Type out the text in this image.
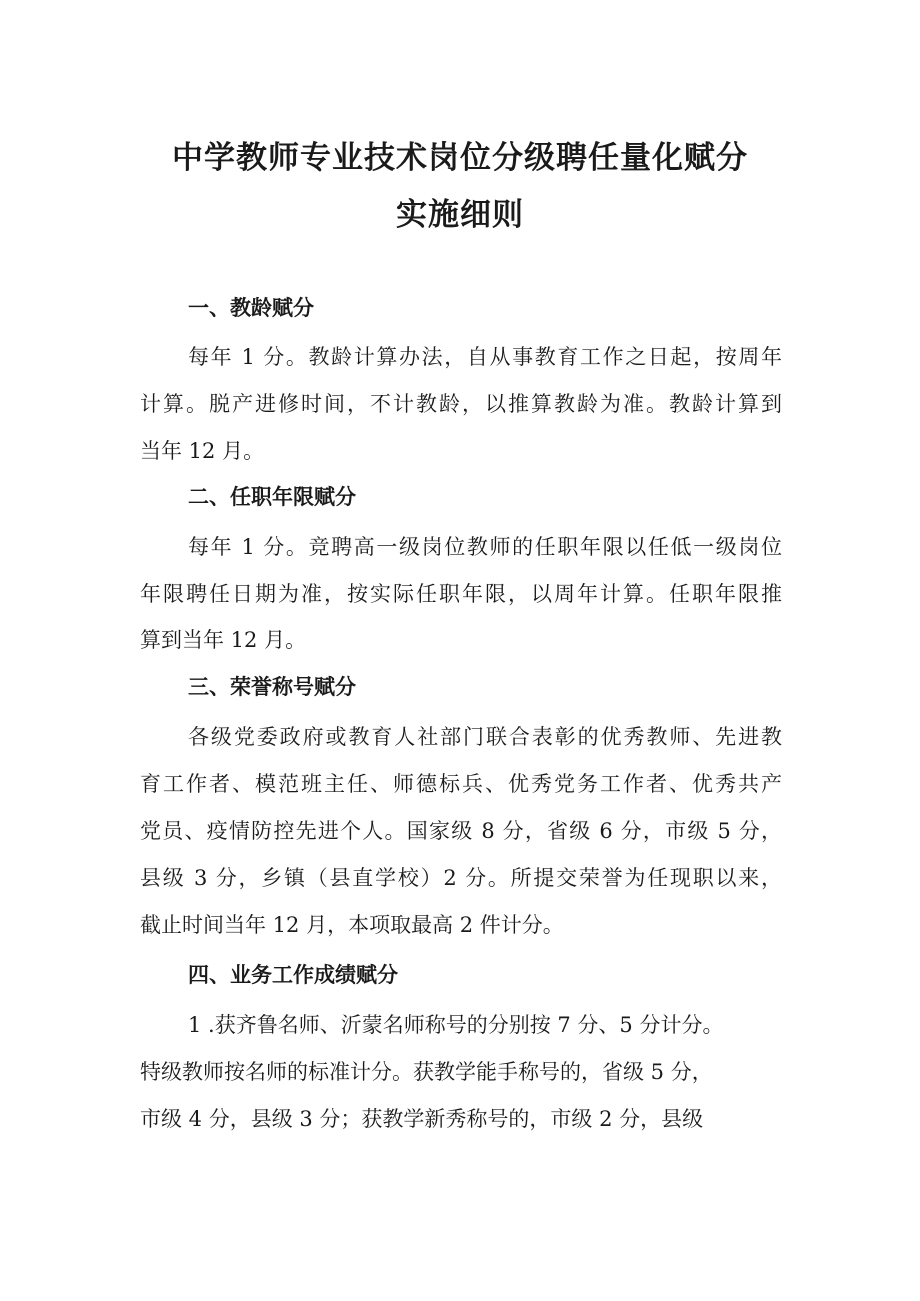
中学教师专业技术岗位分级聘任量化赋分
实施细则
一、教龄赋分

每年 1 分。教龄计算办法，自从事教育工作之日起，按周年

计算。脱产进修时间，不计教龄，以推算教龄为准。教龄计算到

当年 12 月。

二、任职年限赋分

每年 1 分。竞聘高一级岗位教师的任职年限以任低一级岗位

年限聘任日期为准，按实际任职年限，以周年计算。任职年限推

算到当年 12 月。

三、荣誉称号赋分

各级党委政府或教育人社部门联合表彰的优秀教师、先进教

育工作者、模范班主任、师德标兵、优秀党务工作者、优秀共产

党员、疫情防控先进个人。国家级 8 分，省级 6 分，市级 5 分，

县级 3 分，乡镇（县直学校）2 分。所提交荣誉为任现职以来，

截止时间当年 12 月，本项取最高 2 件计分。

四、业务工作成绩赋分

1 .获齐鲁名师、沂蒙名师称号的分别按 7 分、5 分计分。

特级教师按名师的标准计分。获教学能手称号的，省级 5 分，

市级 4 分，县级 3 分；获教学新秀称号的，市级 2 分，县级
